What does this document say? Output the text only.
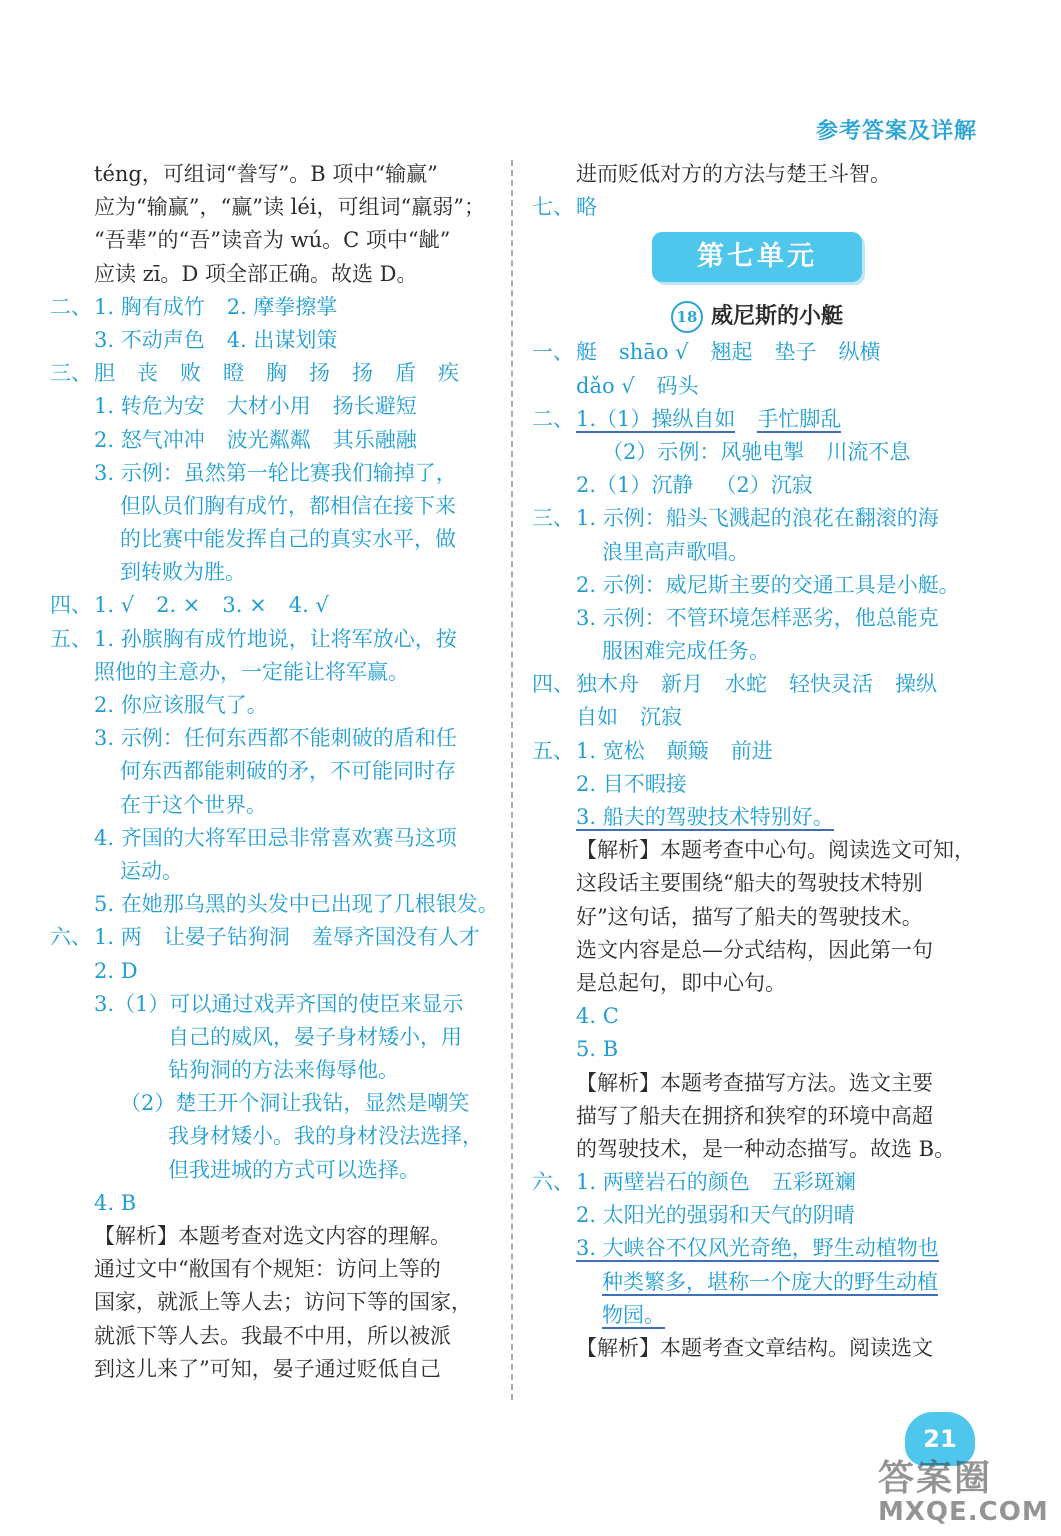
参考答案及详解
téng，可组词“誊写”。B 项中“输赢”
应为“输赢”，“赢”读 léi，可组词“羸弱”；
“吾辈”的“吾”读音为 wú。C 项中“龇”
应读 zī。D 项全部正确。故选 D。
二、1. 胸有成竹 2. 摩拳擦掌
3. 不动声色 4. 出谋划策
三、胆 丧 败 瞪 胸 扬 扬 盾 疾
1. 转危为安 大材小用 扬长避短
2. 怒气冲冲 波光粼粼 其乐融融
3. 示例：虽然第一轮比赛我们输掉了，
但队员们胸有成竹，都相信在接下来
的比赛中能发挥自己的真实水平，做
到转败为胜。
四、1. √ 2. × 3. × 4. √
五、1. 孙膑胸有成竹地说，让将军放心，按
照他的主意办，一定能让将军赢。
2. 你应该服气了。
3. 示例：任何东西都不能刺破的盾和任
何东西都能刺破的矛，不可能同时存
在于这个世界。
4. 齐国的大将军田忌非常喜欢赛马这项
运动。
5. 在她那乌黑的头发中已出现了几根银发。
六、1. 两 让晏子钻狗洞 羞辱齐国没有人才
2. D
3.（1）可以通过戏弄齐国的使臣来显示
自己的威风，晏子身材矮小，用
钻狗洞的方法来侮辱他。
（2）楚王开个洞让我钻，显然是嘲笑
我身材矮小。我的身材没法选择，
但我进城的方式可以选择。
4. B
【解析】本题考查对选文内容的理解。
通过文中“敝国有个规矩：访问上等的
国家，就派上等人去；访问下等的国家，
就派下等人去。我最不中用，所以被派
到这儿来了”可知，晏子通过贬低自己
进而贬低对方的方法与楚王斗智。
七、略
第七单元
18 威尼斯的小艇
一、艇 shāo √ 翘起 垫子 纵横
dǎo √ 码头
二、1.（1）操纵自如 手忙脚乱
（2）示例：风驰电掣 川流不息
2.（1）沉静 （2）沉寂
三、1. 示例：船头飞溅起的浪花在翻滚的海
浪里高声歌唱。
2. 示例：威尼斯主要的交通工具是小艇。
3. 示例：不管环境怎样恶劣，他总能克
服困难完成任务。
四、独木舟 新月 水蛇 轻快灵活 操纵
自如 沉寂
五、1. 宽松 颠簸 前进
2. 目不暇接
3. 船夫的驾驶技术特别好。
【解析】本题考查中心句。阅读选文可知，
这段话主要围绕“船夫的驾驶技术特别
好”这句话，描写了船夫的驾驶技术。
选文内容是总—分式结构，因此第一句
是总起句，即中心句。
4. C
5. B
【解析】本题考查描写方法。选文主要
描写了船夫在拥挤和狭窄的环境中高超
的驾驶技术，是一种动态描写。故选 B。
六、1. 两壁岩石的颜色 五彩斑斓
2. 太阳光的强弱和天气的阴晴
3. 大峡谷不仅风光奇绝，野生动植物也
种类繁多，堪称一个庞大的野生动植
物园。
【解析】本题考查文章结构。阅读选文
21
答案圈
MXQE.COM
